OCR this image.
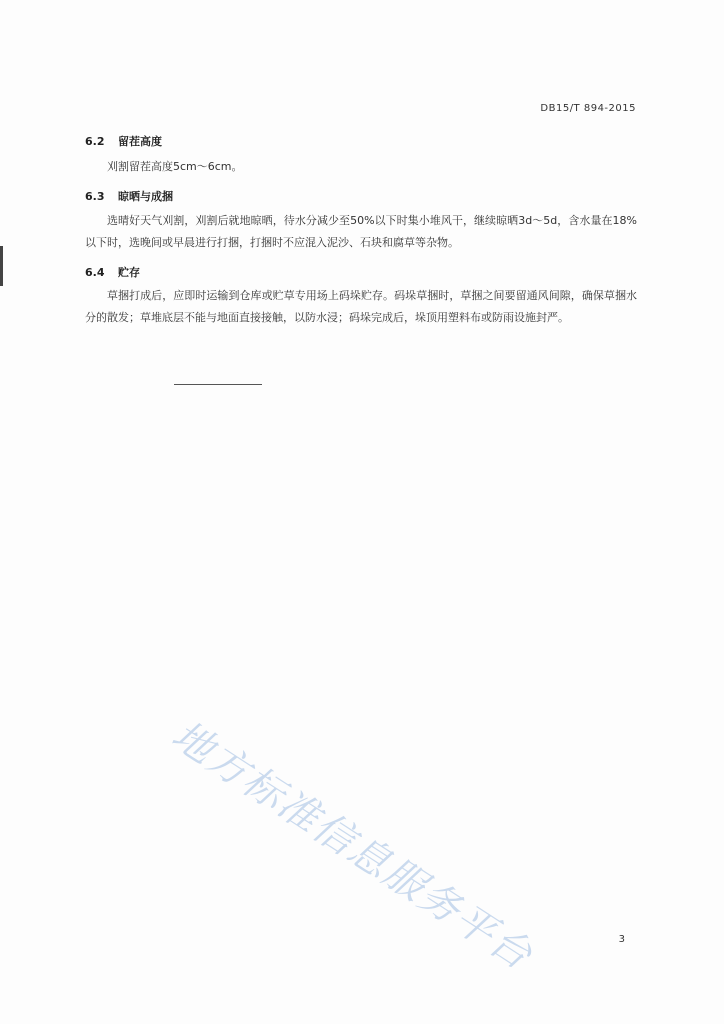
DB15/T 894-2015
6.2 留茬高度
刈割留茬高度5cm～6cm。
6.3 晾晒与成捆
选晴好天气刈割，刈割后就地晾晒，待水分减少至50%以下时集小堆风干，继续晾晒3d～5d，含水量在18%以下时，选晚间或早晨进行打捆，打捆时不应混入泥沙、石块和腐草等杂物。
6.4 贮存
草捆打成后，应即时运输到仓库或贮草专用场上码垛贮存。码垛草捆时，草捆之间要留通风间隙，确保草捆水分的散发；草堆底层不能与地面直接接触，以防水浸；码垛完成后，垛顶用塑料布或防雨设施封严。
地方标准信息服务平台	3
